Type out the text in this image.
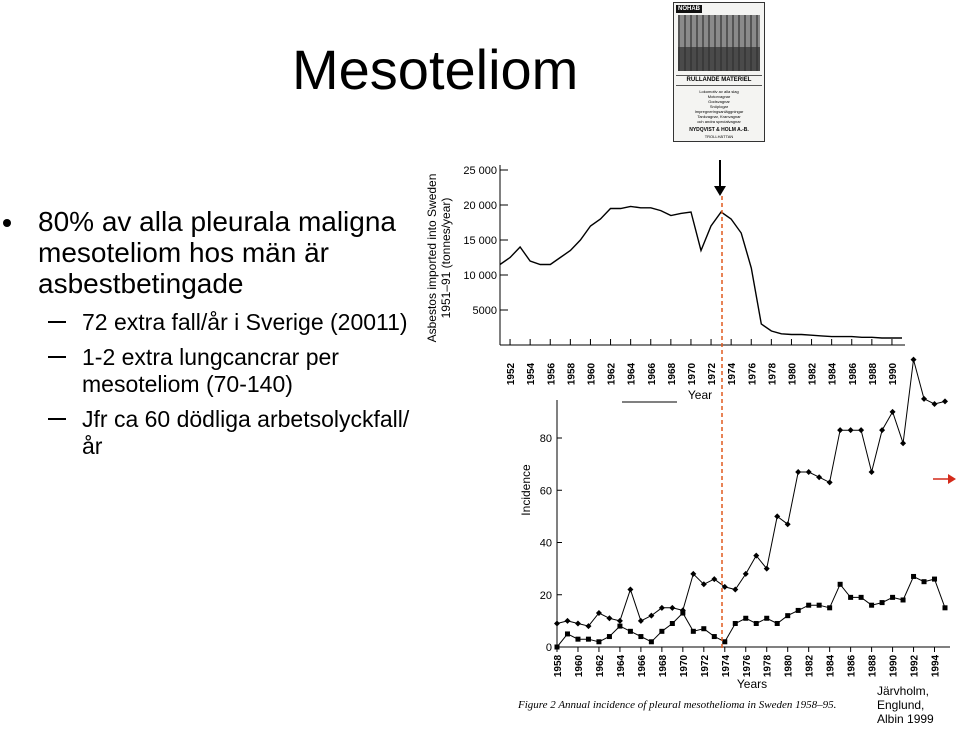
Mesoteliom
80% av alla pleurala maligna mesoteliom hos män är asbestbetingade
72 extra fall/år i Sverige (20011)
1-2 extra lungcancrar per mesoteliom (70-140)
Jfr ca 60 dödliga arbetsolyckfall/år
NOHAB
RULLANDE MATERIEL
Lokomotiv av alla slag
Motorvagnar
Godsvagnar
Snöplogar
Impregneringsanläggningar
Tankvagnar, Kranvagnar
och andra specialvagnar
NYDQVIST & HOLM A.-B.
TROLLHÄTTAN
5000
10 000
15 000
20 000
25 000
1952 1954 1956 1958 1960 1962 1964 1966 1968 1970 1972 1974 1976 1978 1980 1982 1984 1986 1988 1990
Year
Asbestos imported into Sweden 1951–91 (tonnes/year)
0
20
40
60
80
1958 1960 1962 1964 1966 1968 1970 1972 1974 1976 1978 1980 1982 1984 1986 1988 1990 1992 1994
Years
Incidence
Figure 2 Annual incidence of pleural mesothelioma in Sweden 1958–95.
Järvholm,
Englund,
Albin 1999
